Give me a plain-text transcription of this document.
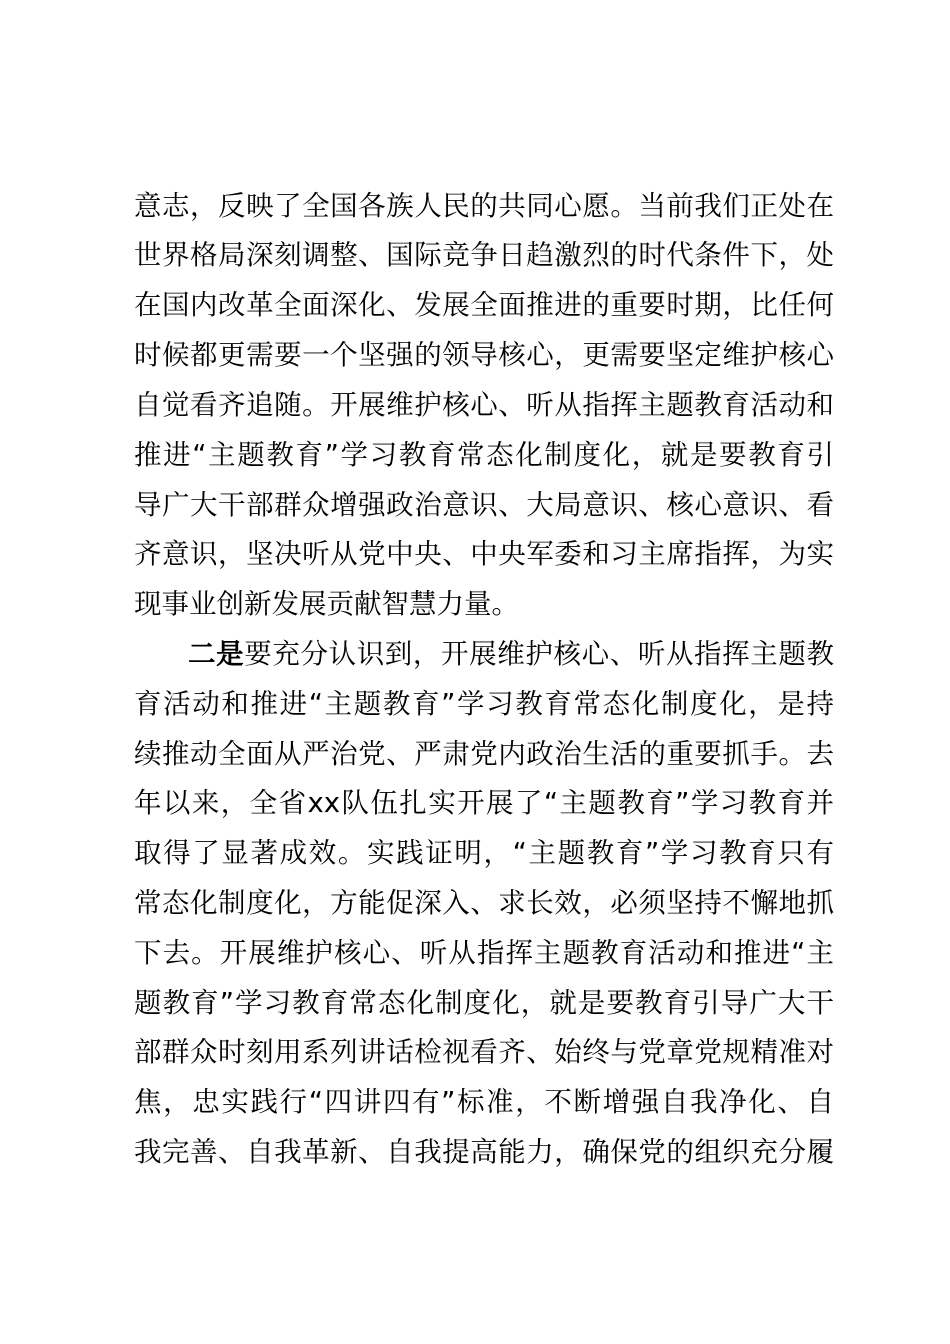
意志，反映了全国各族人民的共同心愿。当前我们正处在
世界格局深刻调整、国际竞争日趋激烈的时代条件下，处
在国内改革全面深化、发展全面推进的重要时期，比任何
时候都更需要一个坚强的领导核心，更需要坚定维护核心
自觉看齐追随。开展维护核心、听从指挥主题教育活动和
推进“主题教育”学习教育常态化制度化，就是要教育引
导广大干部群众增强政治意识、大局意识、核心意识、看
齐意识，坚决听从党中央、中央军委和习主席指挥，为实
现事业创新发展贡献智慧力量。
二是要充分认识到，开展维护核心、听从指挥主题教
育活动和推进“主题教育”学习教育常态化制度化，是持
续推动全面从严治党、严肃党内政治生活的重要抓手。去
年以来，全省xx队伍扎实开展了“主题教育”学习教育并
取得了显著成效。实践证明，“主题教育”学习教育只有
常态化制度化，方能促深入、求长效，必须坚持不懈地抓
下去。开展维护核心、听从指挥主题教育活动和推进“主
题教育”学习教育常态化制度化，就是要教育引导广大干
部群众时刻用系列讲话检视看齐、始终与党章党规精准对
焦，忠实践行“四讲四有”标准，不断增强自我净化、自
我完善、自我革新、自我提高能力，确保党的组织充分履
